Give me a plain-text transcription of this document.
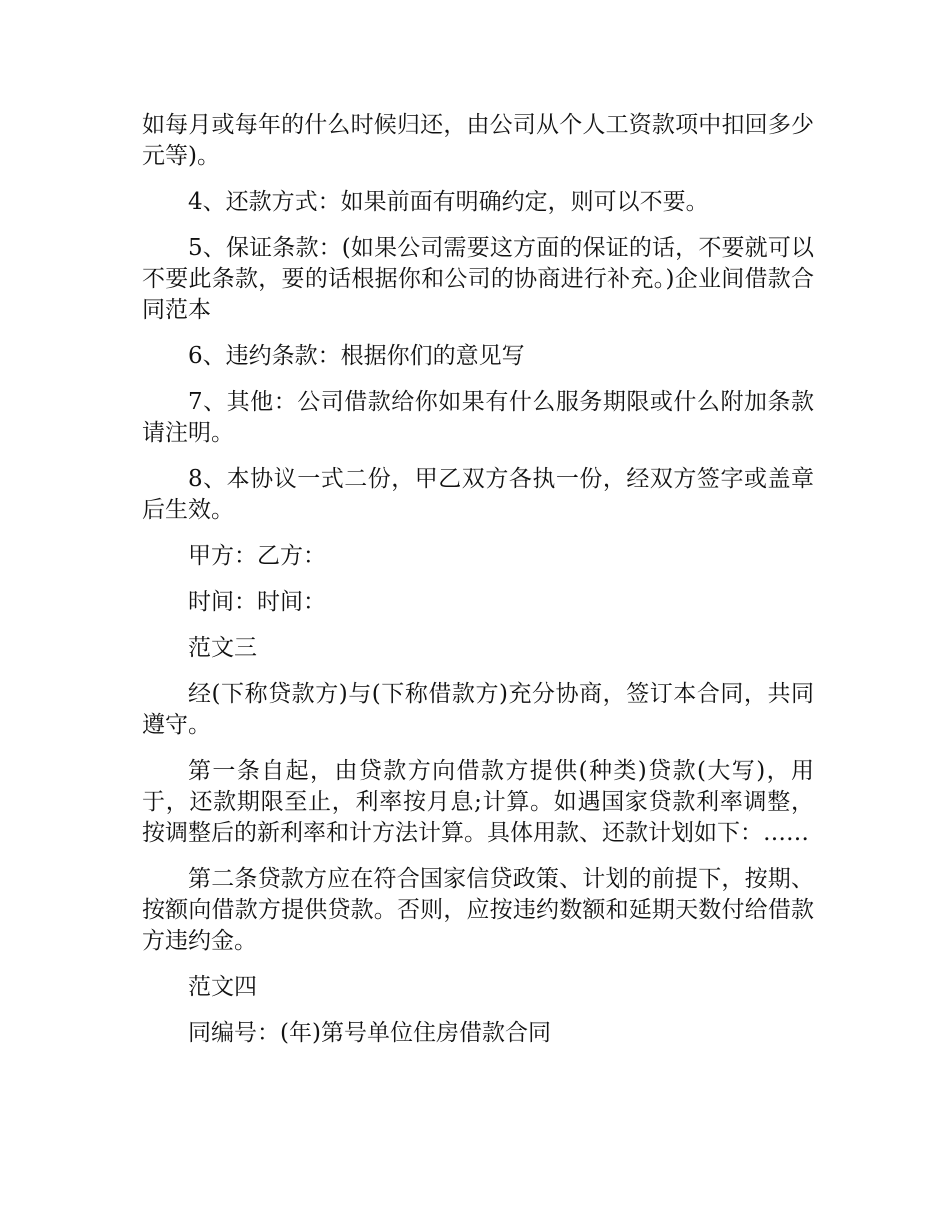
如每月或每年的什么时候归还，由公司从个人工资款项中扣回多少元等)。

4、还款方式：如果前面有明确约定，则可以不要。

5、保证条款：(如果公司需要这方面的保证的话，不要就可以不要此条款，要的话根据你和公司的协商进行补充。)企业间借款合同范本

6、违约条款：根据你们的意见写

7、其他：公司借款给你如果有什么服务期限或什么附加条款请注明。

8、本协议一式二份，甲乙双方各执一份，经双方签字或盖章后生效。

甲方：乙方：

时间：时间：

范文三

经(下称贷款方)与(下称借款方)充分协商，签订本合同，共同遵守。

第一条自起，由贷款方向借款方提供(种类)贷款(大写)，用于，还款期限至止，利率按月息;计算。如遇国家贷款利率调整，按调整后的新利率和计方法计算。具体用款、还款计划如下：……

第二条贷款方应在符合国家信贷政策、计划的前提下，按期、按额向借款方提供贷款。否则，应按违约数额和延期天数付给借款方违约金。

范文四

同编号：(年)第号单位住房借款合同
